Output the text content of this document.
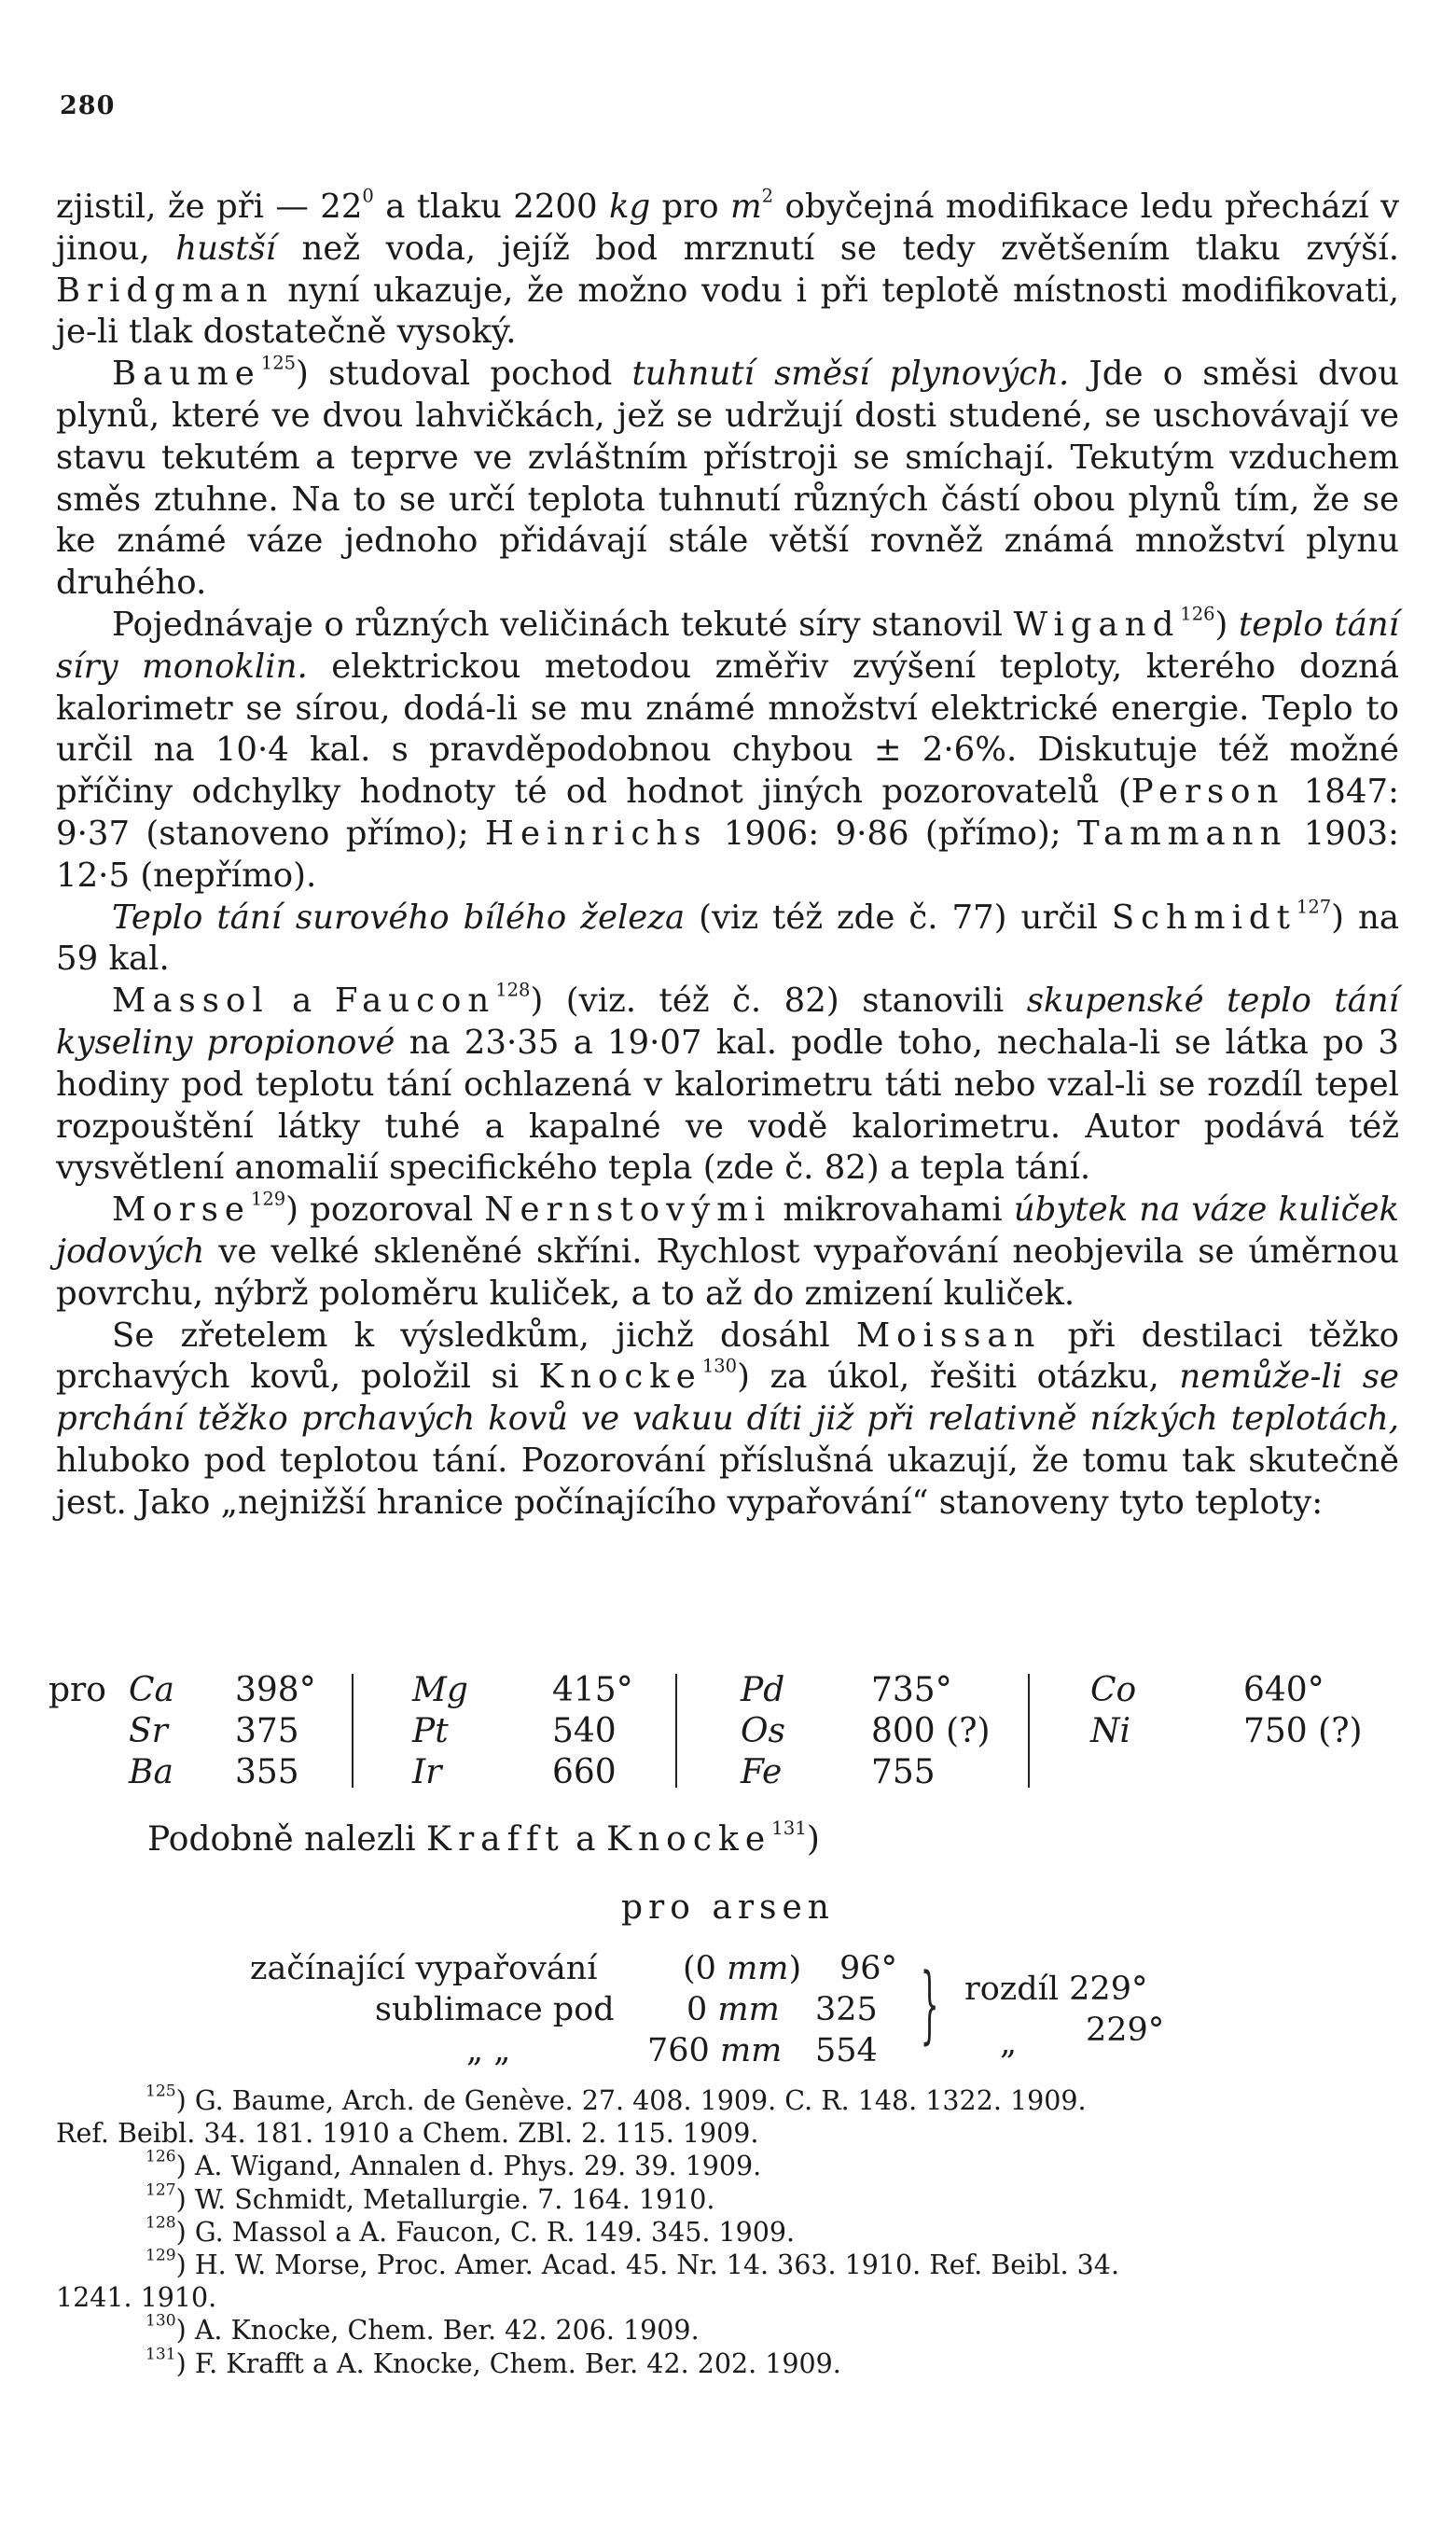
280

zjistil, že při — $22^0$ a tlaku 2200 kg pro $m^2$ obyčejná modifikace ledu přechází v jinou, hustší než voda, jejíž bod mrznutí se tedy zvětšením tlaku zvýší. Bridgman nyní ukazuje, že možno vodu i při teplotě místnosti modifikovati, je-li tlak dostatečně vysoký.

Baume$^{125}$) studoval pochod tuhnutí směsí plynových. Jde o směsi dvou plynů, které ve dvou lahvičkách, jež se udržují dosti studené, se uschovávají ve stavu tekutém a teprve ve zvláštním přístroji se smíchají. Tekutým vzduchem směs ztuhne. Na to se určí teplota tuhnutí různých částí obou plynů tím, že se ke známé váze jednoho přidávají stále větší rovněž známá množství plynu druhého.

Pojednávaje o různých veličinách tekuté síry stanovil Wigand$^{126}$) teplo tání síry monoklin. elektrickou metodou změřiv zvýšení teploty, kterého dozná kalorimetr se sírou, dodá-li se mu známé množství elektrické energie. Teplo to určil na 10·4 kal. s pravděpodobnou chybou ± 2·6%. Diskutuje též možné příčiny odchylky hodnoty té od hodnot jiných pozorovatelů (Person 1847: 9·37 (stanoveno přímo); Heinrichs 1906: 9·86 (přímo); Tammann 1903: 12·5 (nepřímo).

Teplo tání surového bílého železa (viz též zde č. 77) určil Schmidt$^{127}$) na 59 kal.

Massol a Faucon$^{128}$) (viz. též č. 82) stanovili skupenské teplo tání kyseliny propionové na 23·35 a 19·07 kal. podle toho, nechala-li se látka po 3 hodiny pod teplotu tání ochlazená v kalorimetru táti nebo vzal-li se rozdíl tepel rozpouštění látky tuhé a kapalné ve vodě kalorimetru. Autor podává též vysvětlení anomalií specifického tepla (zde č. 82) a tepla tání.

Morse$^{129}$) pozoroval Nernstovými mikrovahami úbytek na váze kuliček jodových ve velké skleněné skříni. Rychlost vypařování neobjevila se úměrnou povrchu, nýbrž poloměru kuliček, a to až do zmizení kuliček.

Se zřetelem k výsledkům, jichž dosáhl Moissan při destilaci těžko prchavých kovů, položil si Knocke$^{130}$) za úkol, řešiti otázku, nemůže-li se prchání těžko prchavých kovů ve vakuu díti již při relativně nízkých teplotách, hluboko pod teplotou tání. Pozorování příslušná ukazují, že tomu tak skutečně jest. Jako „nejnižší hranice počínajícího vypařování“ stanoveny tyto teploty:

pro Ca
Sr
Ba
398°
375
355
Mg
Pt
Ir
415°
540
660
Pd
Os
Fe
735°
800 (?)
755
Co
Ni
640°
750 (?)
Podobně nalezli Krafft a Knocke$^{131}$)
pro arsen
začínající vypařování	(0 mm) 96°
sublimace pod 0 mm 325
„ „	760 mm 554 } rozdíl 229°
„ 229°

$^{125}$) G. Baume, Arch. de Genève. 27. 408. 1909. C. R. 148. 1322. 1909.

Ref. Beibl. 34. 181. 1910 a Chem. ZBl. 2. 115. 1909.

$^{126}$) A. Wigand, Annalen d. Phys. 29. 39. 1909.

$^{127}$) W. Schmidt, Metallurgie. 7. 164. 1910.

$^{128}$) G. Massol a A. Faucon, C. R. 149. 345. 1909.

$^{129}$) H. W. Morse, Proc. Amer. Acad. 45. Nr. 14. 363. 1910. Ref. Beibl. 34.

1241. 1910.

$^{130}$) A. Knocke, Chem. Ber. 42. 206. 1909.

$^{131}$) F. Krafft a A. Knocke, Chem. Ber. 42. 202. 1909.
